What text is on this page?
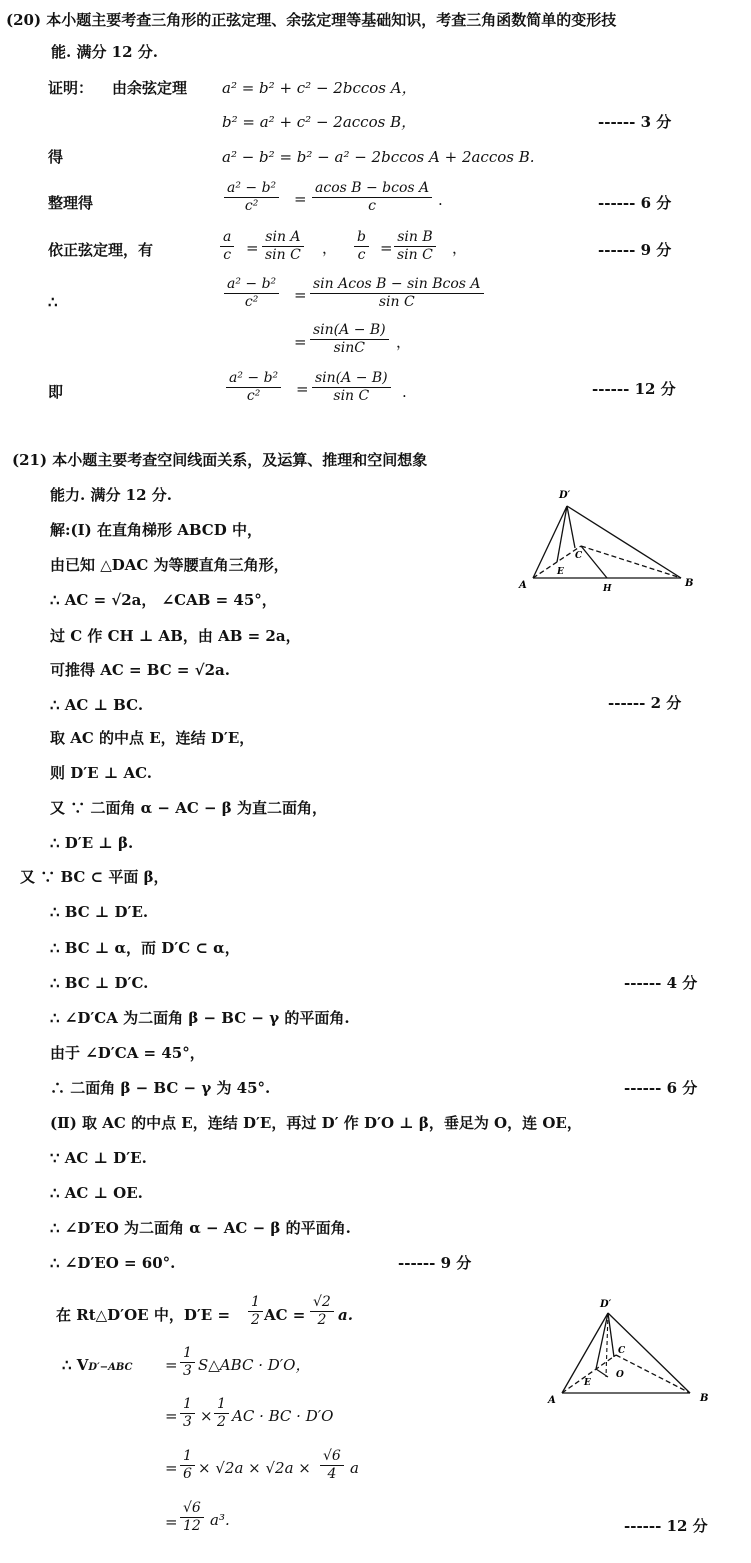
(20) 本小题主要考查三角形的正弦定理、余弦定理等基础知识，考查三角函数简单的变形技
能. 满分 12 分.
证明： 由余弦定理 a² = b² + c² − 2bccos A，
b² = a² + c² − 2accos B，	------ 3 分
得	a² − b² = b² − a² − 2bccos A + 2accos B.
整理得	$\frac{\text{a² − b²}}{\text{c²}} = \frac{\text{acos B − bcos A}}{c}$ .	------ 6 分
依正弦定理，有	$\frac{a}{c} = \frac{\text{sin A}}{\text{sin C}}$ ， $\frac{b}{c} = \frac{\text{sin B}}{\text{sin C}}$ ，	------ 9 分
∴	$\frac{\text{a² − b²}}{\text{c²}} = \frac{\text{sin Acos B − sin Bcos A}}{\text{sin C}}$
= $\frac{\sin(A - B)}{\sin C}$ ，
即	$\frac{\text{a² − b²}}{\text{c²}} = \frac{\sin(A - B)}{\text{sin C}}$ .	------ 12 分
(21) 本小题主要考查空间线面关系，及运算、推理和空间想象
能力. 满分 12 分.	D′
A	B
C
E
H
解:(Ⅰ) 在直角梯形 ABCD 中，
由已知 △DAC 为等腰直角三角形，
∴ AC = √2a， ∠CAB = 45°，
过 C 作 CH ⊥ AB，由 AB = 2a，
可推得 AC = BC = √2a.
∴ AC ⊥ BC.	------ 2 分
取 AC 的中点 E，连结 D′E，
则 D′E ⊥ AC.
又 ∵ 二面角 α − AC − β 为直二面角，
∴ D′E ⊥ β.
又 ∵ BC ⊂ 平面 β，
∴ BC ⊥ D′E.
∴ BC ⊥ α，而 D′C ⊂ α，
∴ BC ⊥ D′C.	------ 4 分
∴ ∠D′CA 为二面角 β − BC − γ 的平面角.
由于 ∠D′CA = 45°，
∴ 二面角 β − BC − γ 为 45°.	------ 6 分
(Ⅱ) 取 AC 的中点 E，连结 D′E，再过 D′ 作 D′O ⊥ β，垂足为 O，连 OE，
∵ AC ⊥ D′E.
∴ AC ⊥ OE.
∴ ∠D′EO 为二面角 α − AC − β 的平面角.
∴ ∠D′EO = 60°.	------ 9 分
在 Rt△D′OE 中，$D'E = \frac{1}{2}$ AC = $\frac{√2}{2} a$.
D′
A	B
C
E
O
∴ $VD'-ABC = \frac{1}{3}$ S△ABC · D′O，
= $\frac{1}{3} \times \frac{1}{2}$ AC · BC · D′O
= $\frac{1}{6} \times √2a \times √2a \times \frac{√6}{4}$ a
= $\frac{√6}{12} a^3$.	------ 12 分
